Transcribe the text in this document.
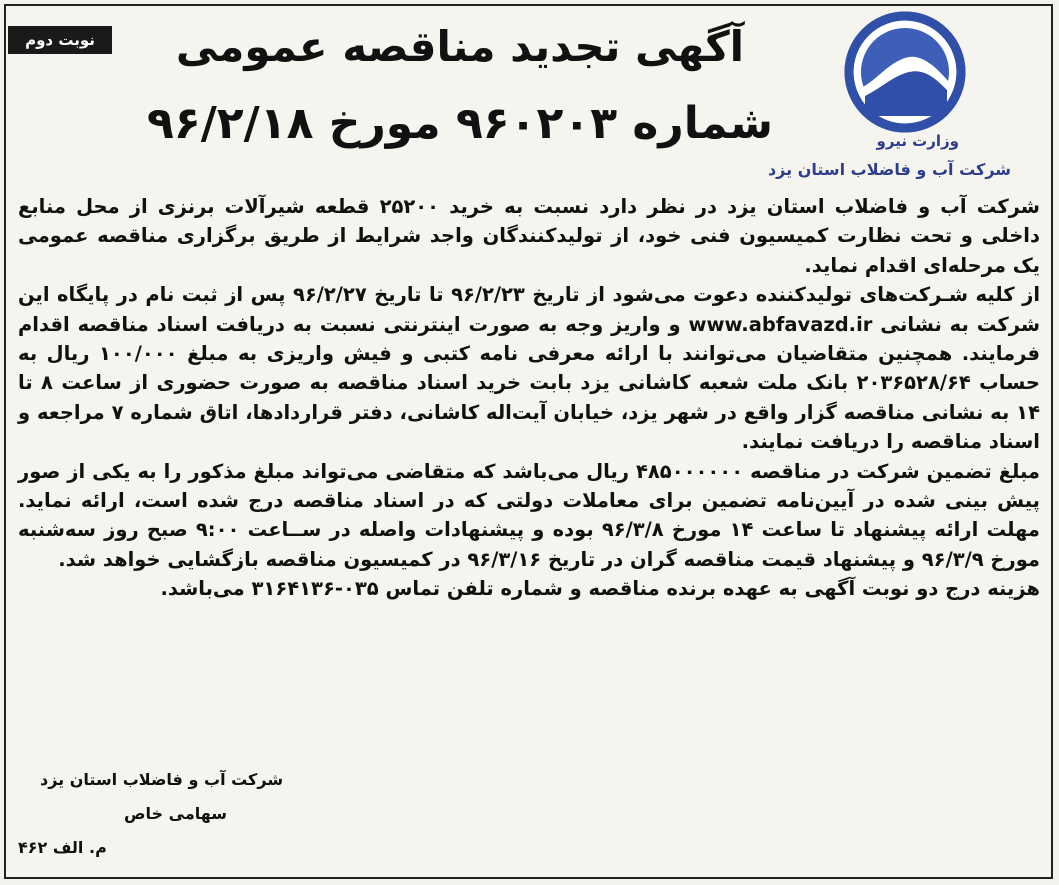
نوبت دوم	آگهی تجدید مناقصه عمومی
شماره ۹۶۰۲۰۳ مورخ ۹۶/۲/۱۸	وزارت نیرو
شرکت آب و فاضلاب استان یزد

شرکت آب و فاضلاب استان یزد در نظر دارد نسبت به خرید ۲۵۲۰۰ قطعه شیرآلات برنزی از محل منابع داخلی و تحت نظارت کمیسیون فنی خود، از تولیدکنندگان واجد شرایط از طریق برگزاری مناقصه عمومی یک مرحله‌ای اقدام نماید.

از کلیه شـرکت‌های تولیدکننده دعوت می‌شود از تاریخ ۹۶/۲/۲۳ تا تاریخ ۹۶/۲/۲۷ پس از ثبت نام در پایگاه این شرکت به نشانی www.abfavazd.ir و واریز وجه به صورت اینترنتی نسبت به دریافت اسناد مناقصه اقدام فرمایند. همچنین متقاضیان می‌توانند با ارائه معرفی نامه کتبی و فیش واریزی به مبلغ ۱۰۰/۰۰۰ ریال به حساب ۲۰۳۶۵۲۸/۶۴ بانک ملت شعبه کاشانی یزد بابت خرید اسناد مناقصه به صورت حضوری از ساعت ۸ تا ۱۴ به نشانی مناقصه گزار واقع در شهر یزد، خیابان آیت‌اله کاشانی، دفتر قراردادها، اتاق شماره ۷ مراجعه و اسناد مناقصه را دریافت نمایند.

مبلغ تضمین شرکت در مناقصه ۴۸۵۰۰۰۰۰۰ ریال می‌باشد که متقاضی می‌تواند مبلغ مذکور را به یکی از صور پیش بینی شده در آیین‌نامه تضمین برای معاملات دولتی که در اسناد مناقصه درج شده است، ارائه نماید. مهلت ارائه پیشنهاد تا ساعت ۱۴ مورخ ۹۶/۳/۸ بوده و پیشنهادات واصله در ســاعت ۹:۰۰ صبح روز سه‌شنبه مورخ ۹۶/۳/۹ و پیشنهاد قیمت مناقصه گران در تاریخ ۹۶/۳/۱۶ در کمیسیون مناقصه بازگشایی خواهد شد.

هزینه درج دو نوبت آگهی به عهده برنده مناقصه و شماره تلفن تماس ۰۳۵-۳۱۶۴۱۳۶ می‌باشد.

شرکت آب و فاضلاب استان یزد
سهامی خاص
م. الف ۴۶۲
